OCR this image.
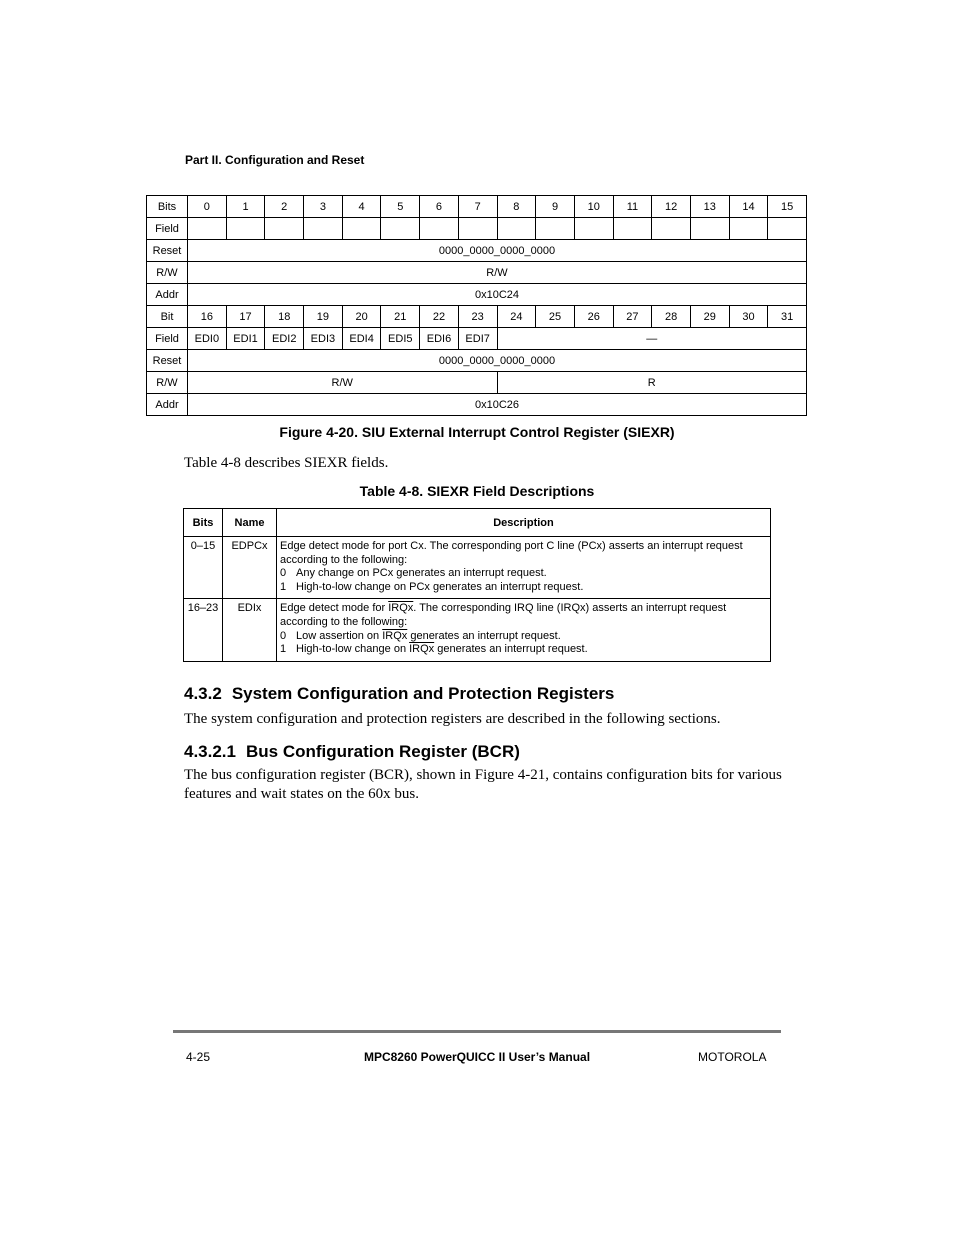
Part II. Configuration and Reset
Bits	0	1	2	3	4	5	6	7	8	9	10	11	12	13	14	15
Field																
Reset	0000_0000_0000_0000															
R/W	R/W															
Addr	0x10C24															
Bit	16	17	18	19	20	21	22	23	24	25	26	27	28	29	30	31
Field	EDI0	EDI1	EDI2	EDI3	EDI4	EDI5	EDI6	EDI7	—							
Reset	0000_0000_0000_0000															
R/W	R/W								R							
Addr	0x10C26															
Figure 4-20. SIU External Interrupt Control Register (SIEXR)
Table 4-8 describes SIEXR fields.
Table 4-8. SIEXR Field Descriptions
Bits	Name	Description
0–15	EDPCx	Edge detect mode for port Cx. The corresponding port C line (PCx) asserts an interrupt request
according to the following:
0 Any change on PCx generates an interrupt request.
1 High-to-low change on PCx generates an interrupt request.

16–23	EDIx	Edge detect mode for IRQx. The corresponding IRQ line (IRQx) asserts an interrupt request
according to the following:
0 Low assertion on IRQx generates an interrupt request.
1 High-to-low change on IRQx generates an interrupt request.
4.3.2 System Configuration and Protection Registers
The system configuration and protection registers are described in the following sections.
4.3.2.1 Bus Configuration Register (BCR)
The bus configuration register (BCR), shown in Figure 4-21, contains configuration bits for various features and wait states on the 60x bus.
4-25	MPC8260 PowerQUICC II User’s Manual	MOTOROLA
